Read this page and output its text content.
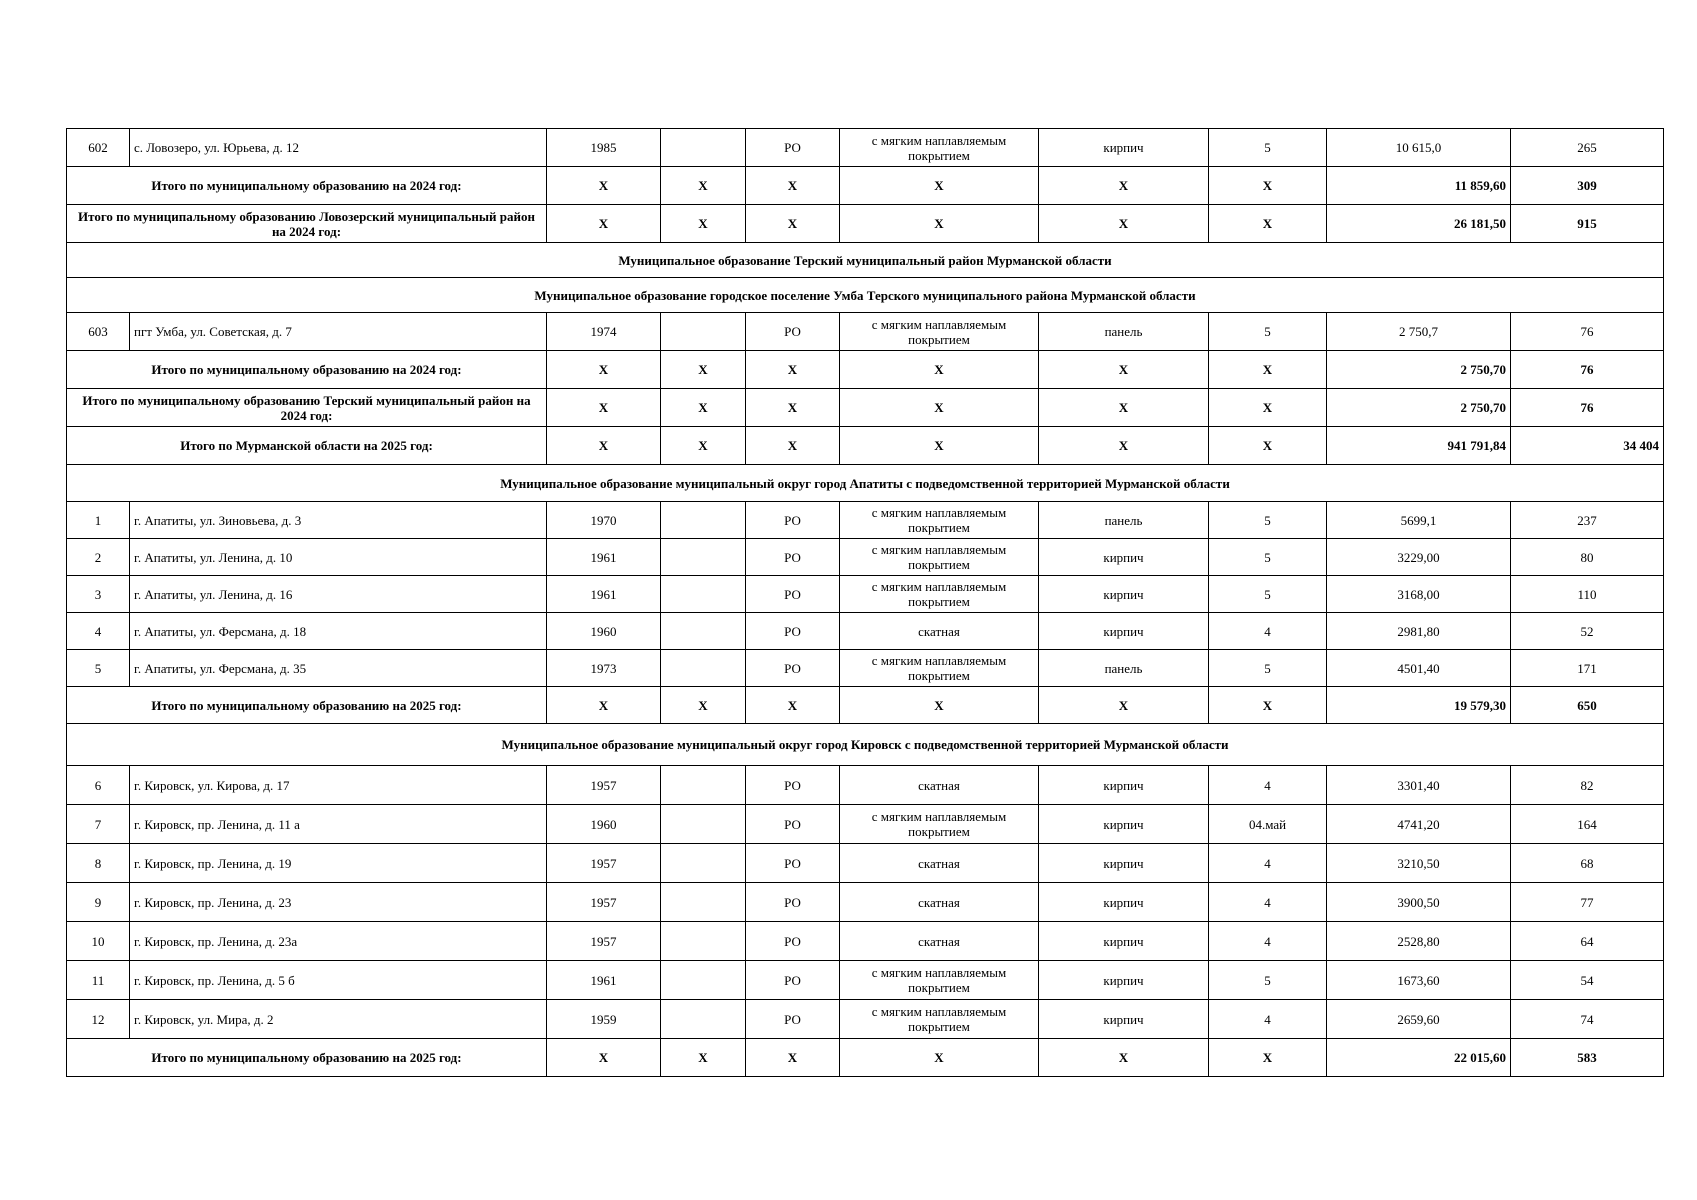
602	с. Ловозеро, ул. Юрьева, д. 12	1985		РО	с мягким наплавляемым покрытием	кирпич	5	10 615,0	265
Итого по муниципальному образованию на 2024 год:		X	X	X	X	X	X	11 859,60	309
Итого по муниципальному образованию Ловозерский муниципальный район на 2024 год:		X	X	X	X	X	X	26 181,50	915
Муниципальное образование Терский муниципальный район Мурманской области									
Муниципальное образование городское поселение Умба Терского муниципального района Мурманской области									
603	пгт Умба, ул. Советская, д. 7	1974		РО	с мягким наплавляемым покрытием	панель	5	2 750,7	76
Итого по муниципальному образованию на 2024 год:		X	X	X	X	X	X	2 750,70	76
Итого по муниципальному образованию Терский муниципальный район на 2024 год:		X	X	X	X	X	X	2 750,70	76
Итого по Мурманской области на 2025 год:		X	X	X	X	X	X	941 791,84	34 404
Муниципальное образование муниципальный округ город Апатиты с подведомственной территорией Мурманской области									
1	г. Апатиты, ул. Зиновьева, д. 3	1970		РО	с мягким наплавляемым покрытием	панель	5	5699,1	237
2	г. Апатиты, ул. Ленина, д. 10	1961		РО	с мягким наплавляемым покрытием	кирпич	5	3229,00	80
3	г. Апатиты, ул. Ленина, д. 16	1961		РО	с мягким наплавляемым покрытием	кирпич	5	3168,00	110
4	г. Апатиты, ул. Ферсмана, д. 18	1960		РО	скатная	кирпич	4	2981,80	52
5	г. Апатиты, ул. Ферсмана, д. 35	1973		РО	с мягким наплавляемым покрытием	панель	5	4501,40	171
Итого по муниципальному образованию на 2025 год:		X	X	X	X	X	X	19 579,30	650
Муниципальное образование муниципальный округ город Кировск с подведомственной территорией Мурманской области									
6	г. Кировск, ул. Кирова, д. 17	1957		РО	скатная	кирпич	4	3301,40	82
7	г. Кировск, пр. Ленина, д. 11 а	1960		РО	с мягким наплавляемым покрытием	кирпич	04.май	4741,20	164
8	г. Кировск, пр. Ленина, д. 19	1957		РО	скатная	кирпич	4	3210,50	68
9	г. Кировск, пр. Ленина, д. 23	1957		РО	скатная	кирпич	4	3900,50	77
10	г. Кировск, пр. Ленина, д. 23а	1957		РО	скатная	кирпич	4	2528,80	64
11	г. Кировск, пр. Ленина, д. 5 б	1961		РО	с мягким наплавляемым покрытием	кирпич	5	1673,60	54
12	г. Кировск, ул. Мира, д. 2	1959		РО	с мягким наплавляемым покрытием	кирпич	4	2659,60	74
Итого по муниципальному образованию на 2025 год:		X	X	X	X	X	X	22 015,60	583
